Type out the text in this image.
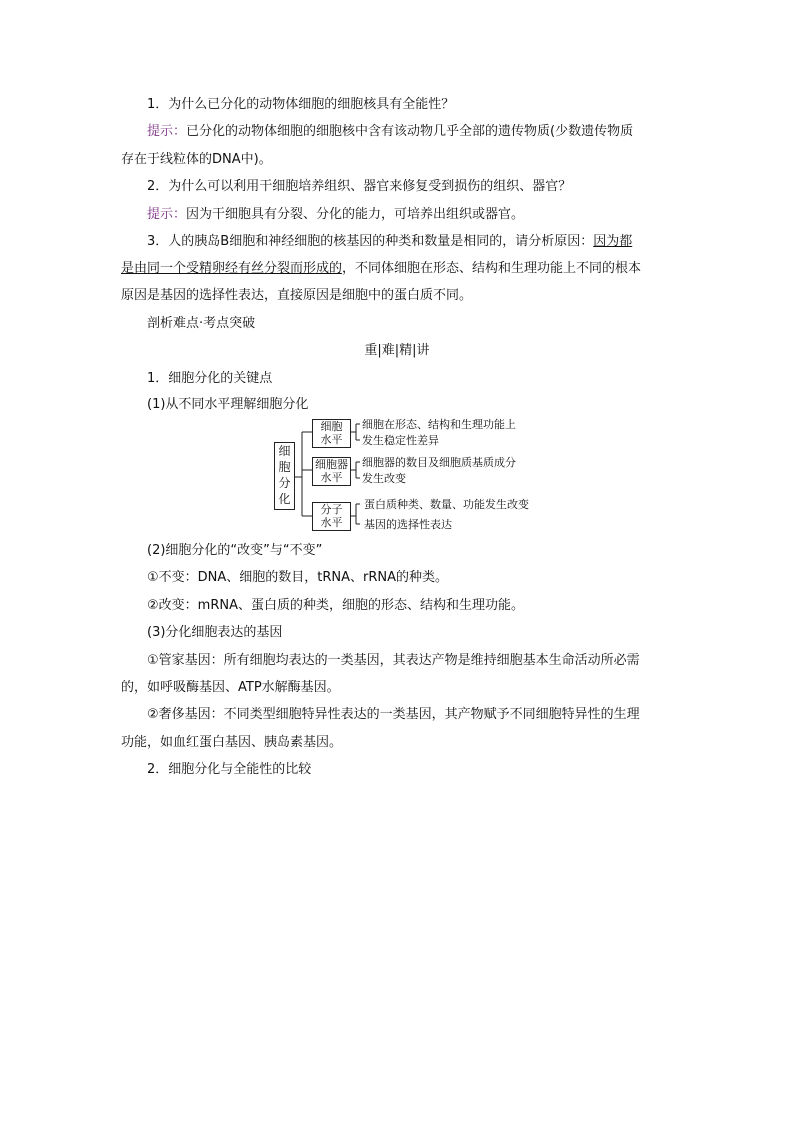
1．为什么已分化的动物体细胞的细胞核具有全能性？
提示：已分化的动物体细胞的细胞核中含有该动物几乎全部的遗传物质(少数遗传物质
存在于线粒体的DNA中)。
2．为什么可以利用干细胞培养组织、器官来修复受到损伤的组织、器官？
提示：因为干细胞具有分裂、分化的能力，可培养出组织或器官。
3．人的胰岛B细胞和神经细胞的核基因的种类和数量是相同的，请分析原因：因为都
是由同一个受精卵经有丝分裂而形成的，不同体细胞在形态、结构和生理功能上不同的根本
原因是基因的选择性表达，直接原因是细胞中的蛋白质不同。
剖析难点·考点突破
重|难|精|讲
1．细胞分化的关键点
(1)从不同水平理解细胞分化
细
胞
分
化
细胞
水平
细胞在形态、结构和生理功能上
发生稳定性差异
细胞器
水平
细胞器的数目及细胞质基质成分
发生改变
分子
水平
蛋白质种类、数量、功能发生改变
基因的选择性表达
(2)细胞分化的“改变”与“不变”
①不变：DNA、细胞的数目，tRNA、rRNA的种类。
②改变：mRNA、蛋白质的种类，细胞的形态、结构和生理功能。
(3)分化细胞表达的基因
①管家基因：所有细胞均表达的一类基因，其表达产物是维持细胞基本生命活动所必需
的，如呼吸酶基因、ATP水解酶基因。
②奢侈基因：不同类型细胞特异性表达的一类基因，其产物赋予不同细胞特异性的生理
功能，如血红蛋白基因、胰岛素基因。
2．细胞分化与全能性的比较
